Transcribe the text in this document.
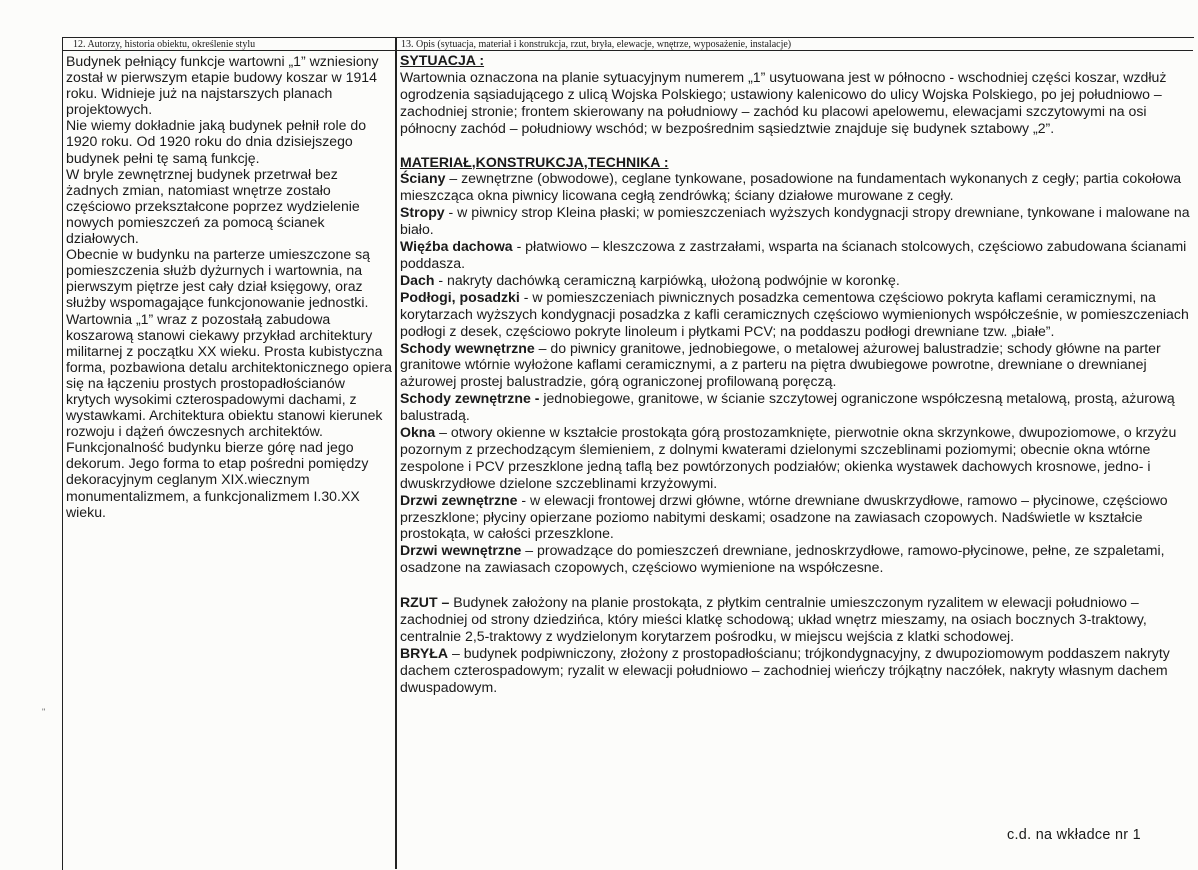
12. Autorzy, historia obiektu, określenie stylu	13. Opis (sytuacja, materiał i konstrukcja, rzut, bryła, elewacje, wnętrze, wyposażenie, instalacje)

Budynek pełniący funkcje wartowni „1” wzniesiony został w pierwszym etapie budowy koszar w 1914 roku. Widnieje już na najstarszych planach projektowych.

Nie wiemy dokładnie jaką budynek pełnił role do 1920 roku. Od 1920 roku do dnia dzisiejszego budynek pełni tę samą funkcję.

W bryle zewnętrznej budynek przetrwał bez żadnych zmian, natomiast wnętrze zostało częściowo przekształcone poprzez wydzielenie nowych pomieszczeń za pomocą ścianek działowych.

Obecnie w budynku na parterze umieszczone są pomieszczenia służb dyżurnych i wartownia, na pierwszym piętrze jest cały dział księgowy, oraz służby wspomagające funkcjonowanie jednostki.

Wartownia „1” wraz z pozostałą zabudowa koszarową stanowi ciekawy przykład architektury militarnej z początku XX wieku. Prosta kubistyczna forma, pozbawiona detalu architektonicznego opiera się na łączeniu prostych prostopadłościanów krytych wysokimi czterospadowymi dachami, z wystawkami. Architektura obiektu stanowi kierunek rozwoju i dążeń ówczesnych architektów. Funkcjonalność budynku bierze górę nad jego dekorum. Jego forma to etap pośredni pomiędzy dekoracyjnym ceglanym XIX.wiecznym monumentalizmem, a funkcjonalizmem I.30.XX wieku.

SYTUACJA :

Wartownia oznaczona na planie sytuacyjnym numerem „1” usytuowana jest w północno - wschodniej części koszar, wzdłuż ogrodzenia sąsiadującego z ulicą Wojska Polskiego; ustawiony kalenicowo do ulicy Wojska Polskiego, po jej południowo – zachodniej stronie; frontem skierowany na południowy – zachód ku placowi apelowemu, elewacjami szczytowymi na osi północny zachód – południowy wschód; w bezpośrednim sąsiedztwie znajduje się budynek sztabowy „2”.

MATERIAŁ,KONSTRUKCJA,TECHNIKA :

Ściany – zewnętrzne (obwodowe), ceglane tynkowane, posadowione na fundamentach wykonanych z cegły; partia cokołowa mieszcząca okna piwnicy licowana cegłą zendrówką; ściany działowe murowane z cegły.

Stropy - w piwnicy strop Kleina płaski; w pomieszczeniach wyższych kondygnacji stropy drewniane, tynkowane i malowane na biało.

Więźba dachowa - płatwiowo – kleszczowa z zastrzałami, wsparta na ścianach stolcowych, częściowo zabudowana ścianami poddasza.

Dach - nakryty dachówką ceramiczną karpiówką, ułożoną podwójnie w koronkę.

Podłogi, posadzki - w pomieszczeniach piwnicznych posadzka cementowa częściowo pokryta kaflami ceramicznymi, na korytarzach wyższych kondygnacji posadzka z kafli ceramicznych częściowo wymienionych współcześnie, w pomieszczeniach podłogi z desek, częściowo pokryte linoleum i płytkami PCV; na poddaszu podłogi drewniane tzw. „białe”.

Schody wewnętrzne – do piwnicy granitowe, jednobiegowe, o metalowej ażurowej balustradzie; schody główne na parter granitowe wtórnie wyłożone kaflami ceramicznymi, a z parteru na piętra dwubiegowe powrotne, drewniane o drewnianej ażurowej prostej balustradzie, górą ograniczonej profilowaną poręczą.

Schody zewnętrzne - jednobiegowe, granitowe, w ścianie szczytowej ograniczone współczesną metalową, prostą, ażurową balustradą.

Okna – otwory okienne w kształcie prostokąta górą prostozamknięte, pierwotnie okna skrzynkowe, dwupoziomowe, o krzyżu pozornym z przechodzącym ślemieniem, z dolnymi kwaterami dzielonymi szczeblinami poziomymi; obecnie okna wtórne zespolone i PCV przeszklone jedną taflą bez powtórzonych podziałów; okienka wystawek dachowych krosnowe, jedno- i dwuskrzydłowe dzielone szczeblinami krzyżowymi.

Drzwi zewnętrzne - w elewacji frontowej drzwi główne, wtórne drewniane dwuskrzydłowe, ramowo – płycinowe, częściowo przeszklone; płyciny opierzane poziomo nabitymi deskami; osadzone na zawiasach czopowych. Nadświetle w kształcie prostokąta, w całości przeszklone.

Drzwi wewnętrzne – prowadzące do pomieszczeń drewniane, jednoskrzydłowe, ramowo-płycinowe, pełne, ze szpaletami, osadzone na zawiasach czopowych, częściowo wymienione na współczesne.

RZUT – Budynek założony na planie prostokąta, z płytkim centralnie umieszczonym ryzalitem w elewacji południowo – zachodniej od strony dziedzińca, który mieści klatkę schodową; układ wnętrz mieszamy, na osiach bocznych 3-traktowy, centralnie 2,5-traktowy z wydzielonym korytarzem pośrodku, w miejscu wejścia z klatki schodowej.

BRYŁA – budynek podpiwniczony, złożony z prostopadłościanu; trójkondygnacyjny, z dwupoziomowym poddaszem nakryty dachem czterospadowym; ryzalit w elewacji południowo – zachodniej wieńczy trójkątny naczółek, nakryty własnym dachem dwuspadowym.

c.d. na wkładce nr 1
"
